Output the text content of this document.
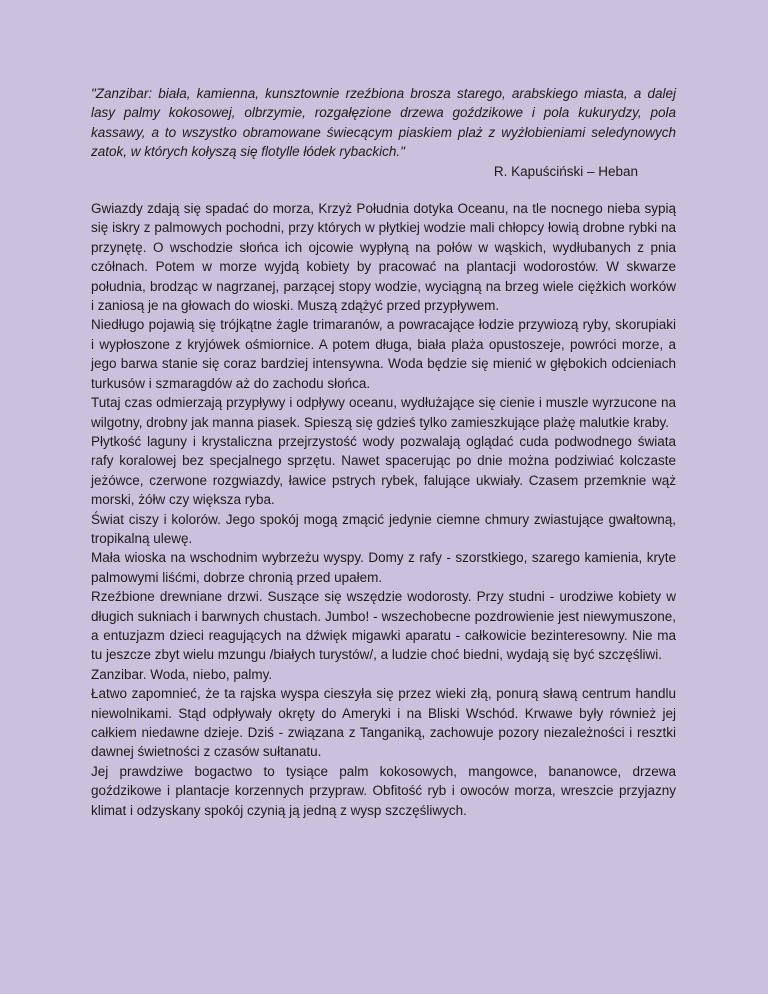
"Zanzibar: biała, kamienna, kunsztownie rzeźbiona brosza starego, arabskiego miasta, a dalej lasy palmy kokosowej, olbrzymie, rozgałęzione drzewa goździkowe i pola kukurydzy, pola kassawy, a to wszystko obramowane świecącym piaskiem plaż z wyżłobieniami seledynowych zatok, w których kołyszą się flotylle łódek rybackich."

R. Kapuściński – Heban

Gwiazdy zdają się spadać do morza, Krzyż Południa dotyka Oceanu, na tle nocnego nieba sypią się iskry z palmowych pochodni, przy których w płytkiej wodzie mali chłopcy łowią drobne rybki na przynętę. O wschodzie słońca ich ojcowie wypłyną na połów w wąskich, wydłubanych z pnia czółnach. Potem w morze wyjdą kobiety by pracować na plantacji wodorostów. W skwarze południa, brodząc w nagrzanej, parzącej stopy wodzie, wyciągną na brzeg wiele ciężkich worków i zaniosą je na głowach do wioski. Muszą zdążyć przed przypływem.

Niedługo pojawią się trójkątne żagle trimaranów, a powracające łodzie przywiozą ryby, skorupiaki i wypłoszone z kryjówek ośmiornice. A potem długa, biała plaża opustoszeje, powróci morze, a jego barwa stanie się coraz bardziej intensywna. Woda będzie się mienić w głębokich odcieniach turkusów i szmaragdów aż do zachodu słońca.

Tutaj czas odmierzają przypływy i odpływy oceanu, wydłużające się cienie i muszle wyrzucone na wilgotny, drobny jak manna piasek. Spieszą się gdzieś tylko zamieszkujące plażę malutkie kraby.

Płytkość laguny i krystaliczna przejrzystość wody pozwalają oglądać cuda podwodnego świata rafy koralowej bez specjalnego sprzętu. Nawet spacerując po dnie można podziwiać kolczaste jeżówce, czerwone rozgwiazdy, ławice pstrych rybek, falujące ukwiały. Czasem przemknie wąż morski, żółw czy większa ryba.

Świat ciszy i kolorów. Jego spokój mogą zmącić jedynie ciemne chmury zwiastujące gwałtowną, tropikalną ulewę.

Mała wioska na wschodnim wybrzeżu wyspy. Domy z rafy - szorstkiego, szarego kamienia, kryte palmowymi liśćmi, dobrze chronią przed upałem.

Rzeźbione drewniane drzwi. Suszące się wszędzie wodorosty. Przy studni - urodziwe kobiety w długich sukniach i barwnych chustach. Jumbo! - wszechobecne pozdrowienie jest niewymuszone, a entuzjazm dzieci reagujących na dźwięk migawki aparatu - całkowicie bezinteresowny. Nie ma tu jeszcze zbyt wielu mzungu /białych turystów/, a ludzie choć biedni, wydają się być szczęśliwi.

Zanzibar. Woda, niebo, palmy.

Łatwo zapomnieć, że ta rajska wyspa cieszyła się przez wieki złą, ponurą sławą centrum handlu niewolnikami. Stąd odpływały okręty do Ameryki i na Bliski Wschód. Krwawe były również jej całkiem niedawne dzieje. Dziś - związana z Tanganiką, zachowuje pozory niezależności i resztki dawnej świetności z czasów sułtanatu.

Jej prawdziwe bogactwo to tysiące palm kokosowych, mangowce, bananowce, drzewa goździkowe i plantacje korzennych przypraw. Obfitość ryb i owoców morza, wreszcie przyjazny klimat i odzyskany spokój czynią ją jedną z wysp szczęśliwych.
